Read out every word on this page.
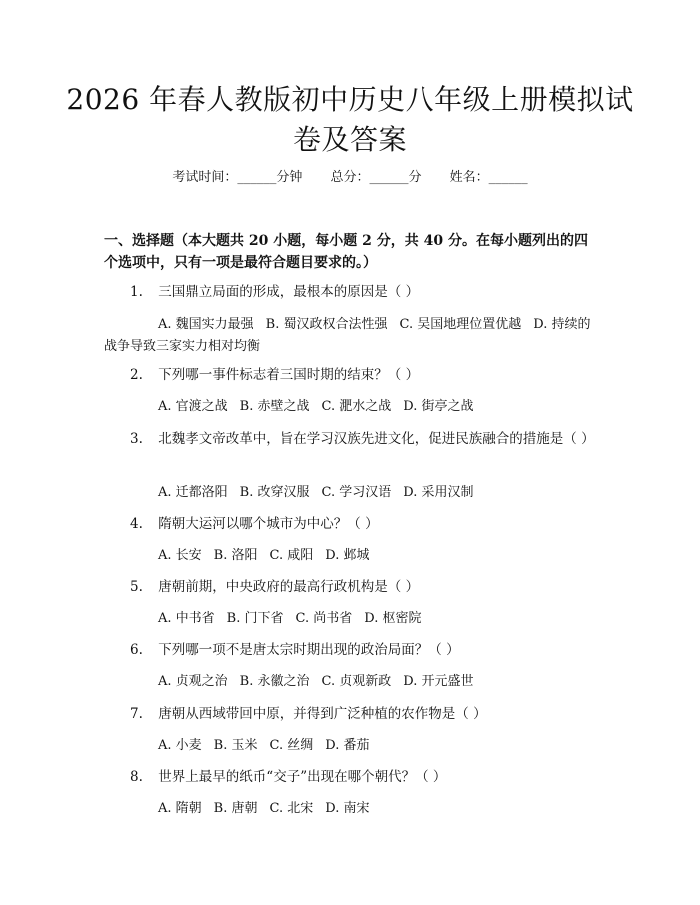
2026 年春人教版初中历史八年级上册模拟试
卷及答案
考试时间：______分钟 总分：______分 姓名：______
一、选择题（本大题共 20 小题，每小题 2 分，共 40 分。在每小题列出的四个选项中，只有一项是最符合题目要求的。）
1. 三国鼎立局面的形成，最根本的原因是（ ）
A. 魏国实力最强 B. 蜀汉政权合法性强 C. 吴国地理位置优越 D. 持续的战争导致三家实力相对均衡
2. 下列哪一事件标志着三国时期的结束？（ ）
A. 官渡之战 B. 赤壁之战 C. 淝水之战 D. 街亭之战
3. 北魏孝文帝改革中，旨在学习汉族先进文化，促进民族融合的措施是（ ）
A. 迁都洛阳 B. 改穿汉服 C. 学习汉语 D. 采用汉制
4. 隋朝大运河以哪个城市为中心？（ ）
A. 长安 B. 洛阳 C. 咸阳 D. 邺城
5. 唐朝前期，中央政府的最高行政机构是（ ）
A. 中书省 B. 门下省 C. 尚书省 D. 枢密院
6. 下列哪一项不是唐太宗时期出现的政治局面？（ ）
A. 贞观之治 B. 永徽之治 C. 贞观新政 D. 开元盛世
7. 唐朝从西域带回中原，并得到广泛种植的农作物是（ ）
A. 小麦 B. 玉米 C. 丝绸 D. 番茄
8. 世界上最早的纸币“交子”出现在哪个朝代？（ ）
A. 隋朝 B. 唐朝 C. 北宋 D. 南宋
